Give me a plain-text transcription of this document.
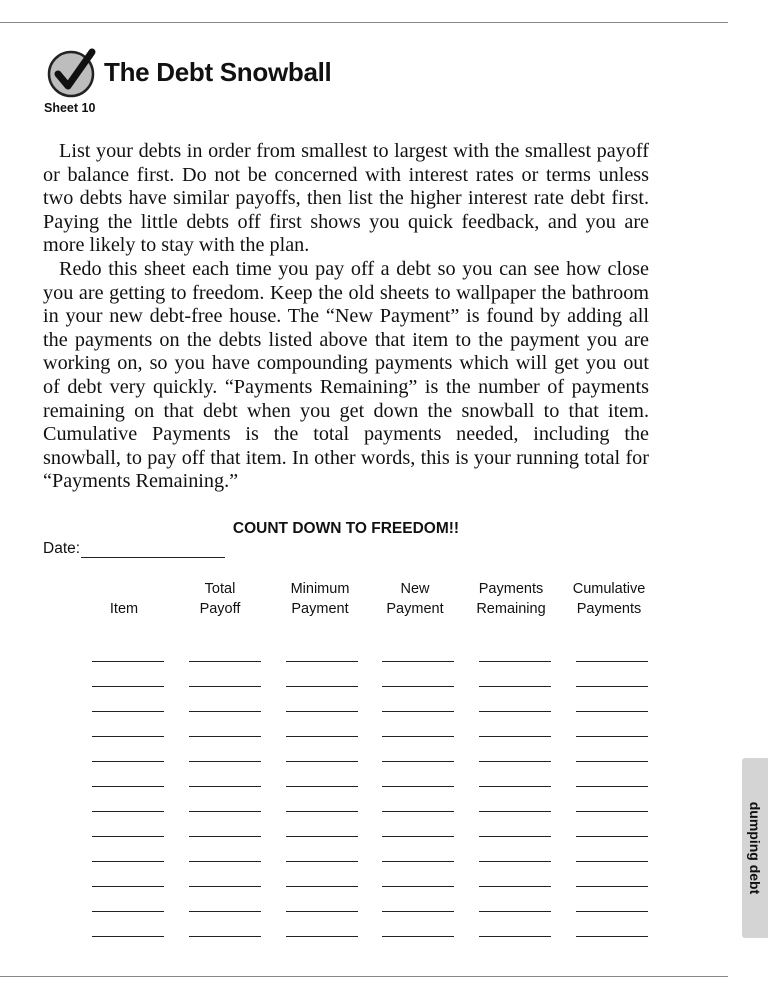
The Debt Snowball
Sheet 10

List your debts in order from smallest to largest with the smallest payoff or balance first. Do not be concerned with interest rates or terms unless two debts have similar payoffs, then list the higher interest rate debt first. Paying the little debts off first shows you quick feedback, and you are more likely to stay with the plan.

Redo this sheet each time you pay off a debt so you can see how close you are getting to freedom. Keep the old sheets to wallpaper the bathroom in your new debt-free house. The “New Payment” is found by adding all the payments on the debts listed above that item to the payment you are working on, so you have compounding payments which will get you out of debt very quickly. “Payments Remaining” is the number of payments remaining on that debt when you get down the snowball to that item. Cumulative Payments is the total payments needed, including the snowball, to pay off that item. In other words, this is your running total for “Payments Remaining.”

COUNT DOWN TO FREEDOM!!
Date:

Item
Total
Payoff
Minimum
Payment
New
Payment
Payments
Remaining
Cumulative
Payments
dumping debt
